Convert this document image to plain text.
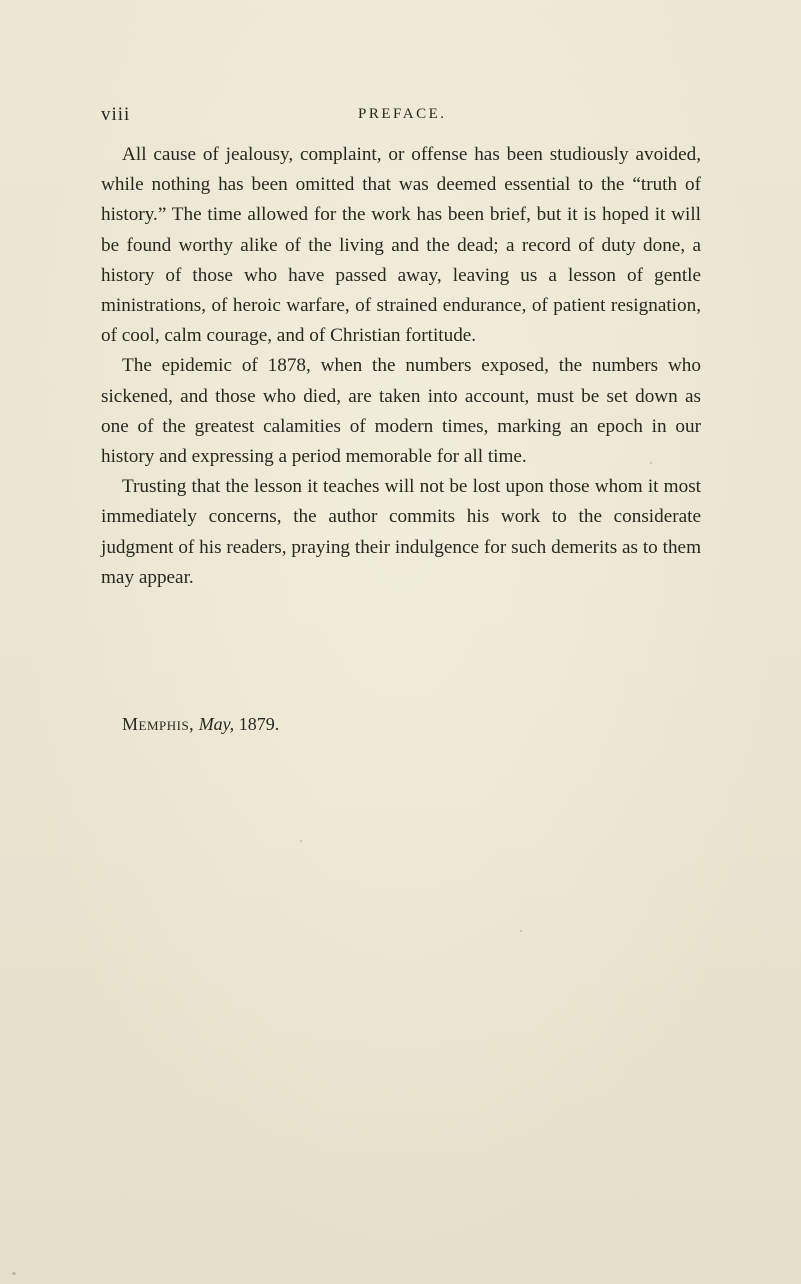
viii	PREFACE.

All cause of jealousy, complaint, or offense has been studiously avoided, while nothing has been omitted that was deemed essential to the “truth of history.” The time allowed for the work has been brief, but it is hoped it will be found worthy alike of the living and the dead; a record of duty done, a history of those who have passed away, leaving us a lesson of gentle ministrations, of heroic warfare, of strained endurance, of patient resignation, of cool, calm courage, and of Christian fortitude.

The epidemic of 1878, when the numbers exposed, the numbers who sickened, and those who died, are taken into account, must be set down as one of the greatest calamities of modern times, marking an epoch in our history and expressing a period memorable for all time.

Trusting that the lesson it teaches will not be lost upon those whom it most immediately concerns, the author commits his work to the considerate judgment of his readers, praying their indulgence for such demerits as to them may appear.

Memphis, May, 1879.
